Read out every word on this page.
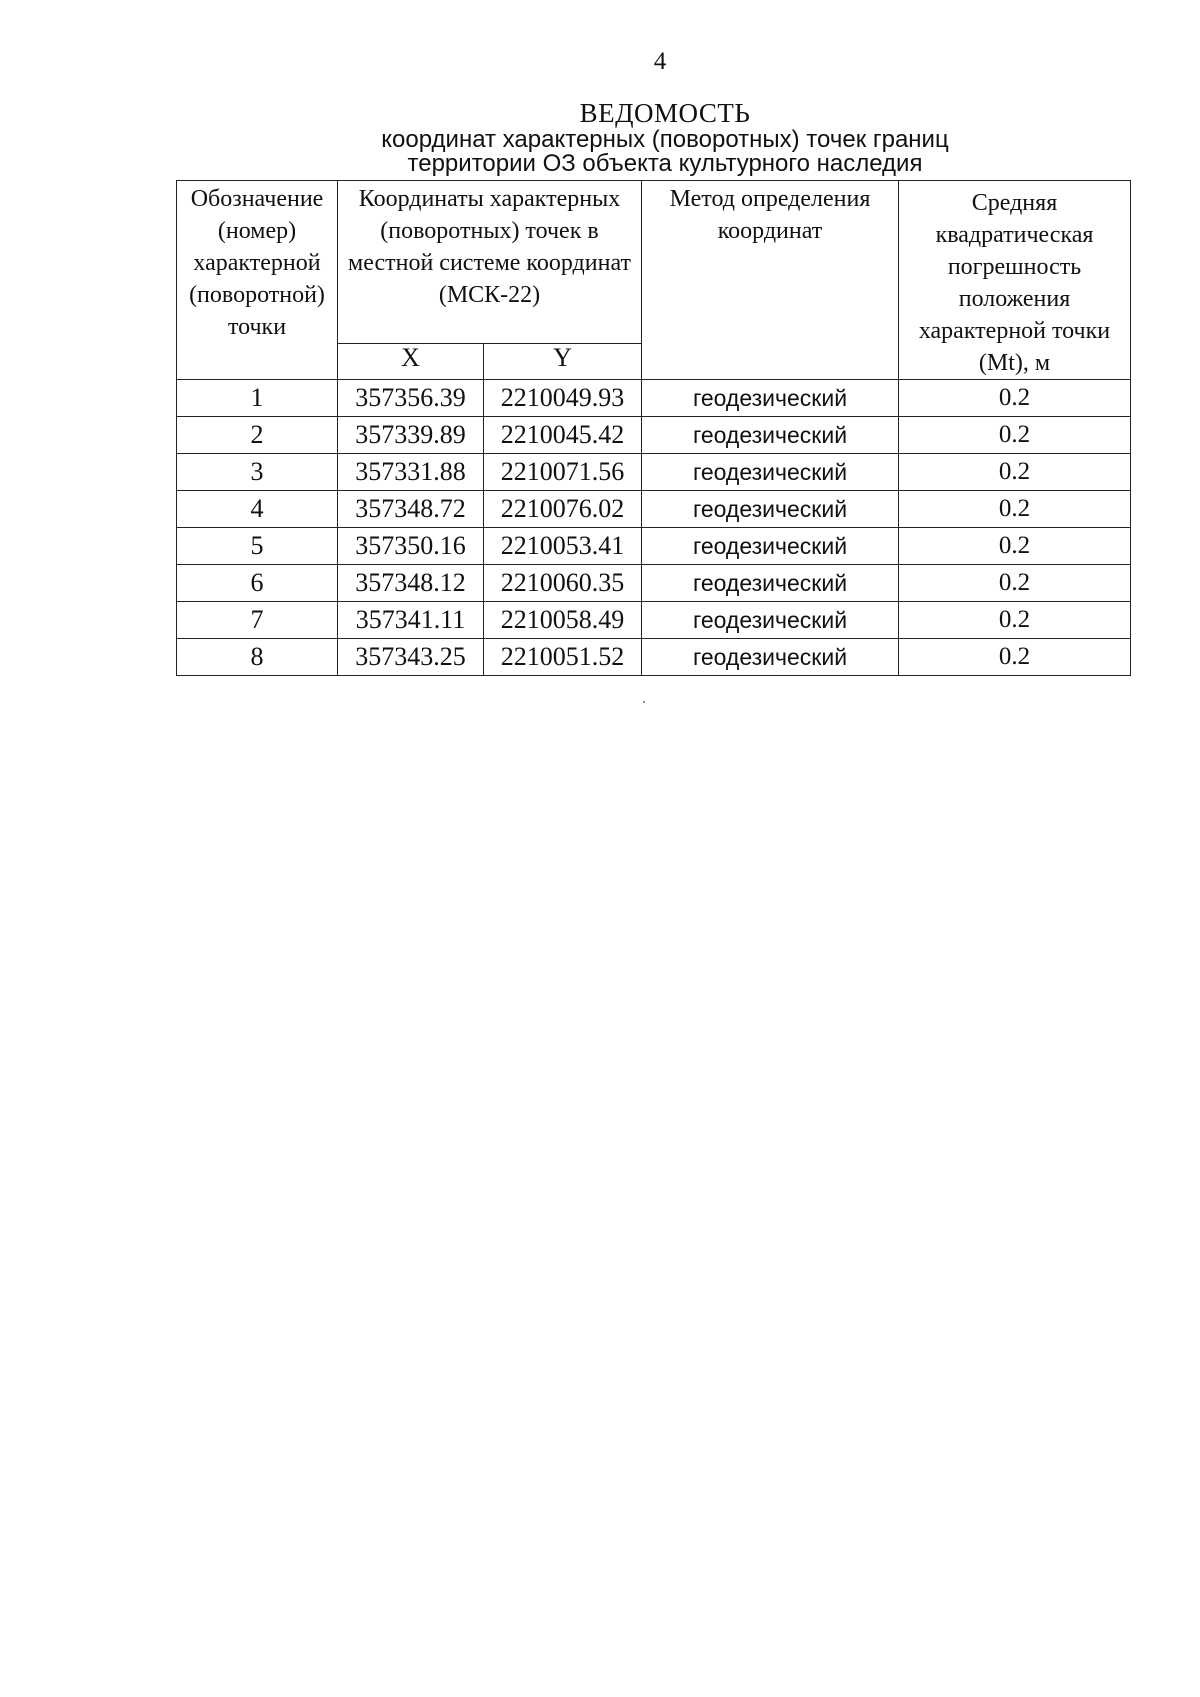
4
ВЕДОМОСТЬ
координат характерных (поворотных) точек границ
территории ОЗ объекта культурного наследия
Обозначение (номер) характерной (поворотной) точки	Координаты характерных (поворотных) точек в местной системе координат (МСК-22)		Метод определения координат	Средняя квадратическая погрешность положения характерной точки (Mt), м
	X	Y		
1	357356.39	2210049.93	геодезический	0.2
2	357339.89	2210045.42	геодезический	0.2
3	357331.88	2210071.56	геодезический	0.2
4	357348.72	2210076.02	геодезический	0.2
5	357350.16	2210053.41	геодезический	0.2
6	357348.12	2210060.35	геодезический	0.2
7	357341.11	2210058.49	геодезический	0.2
8	357343.25	2210051.52	геодезический	0.2
